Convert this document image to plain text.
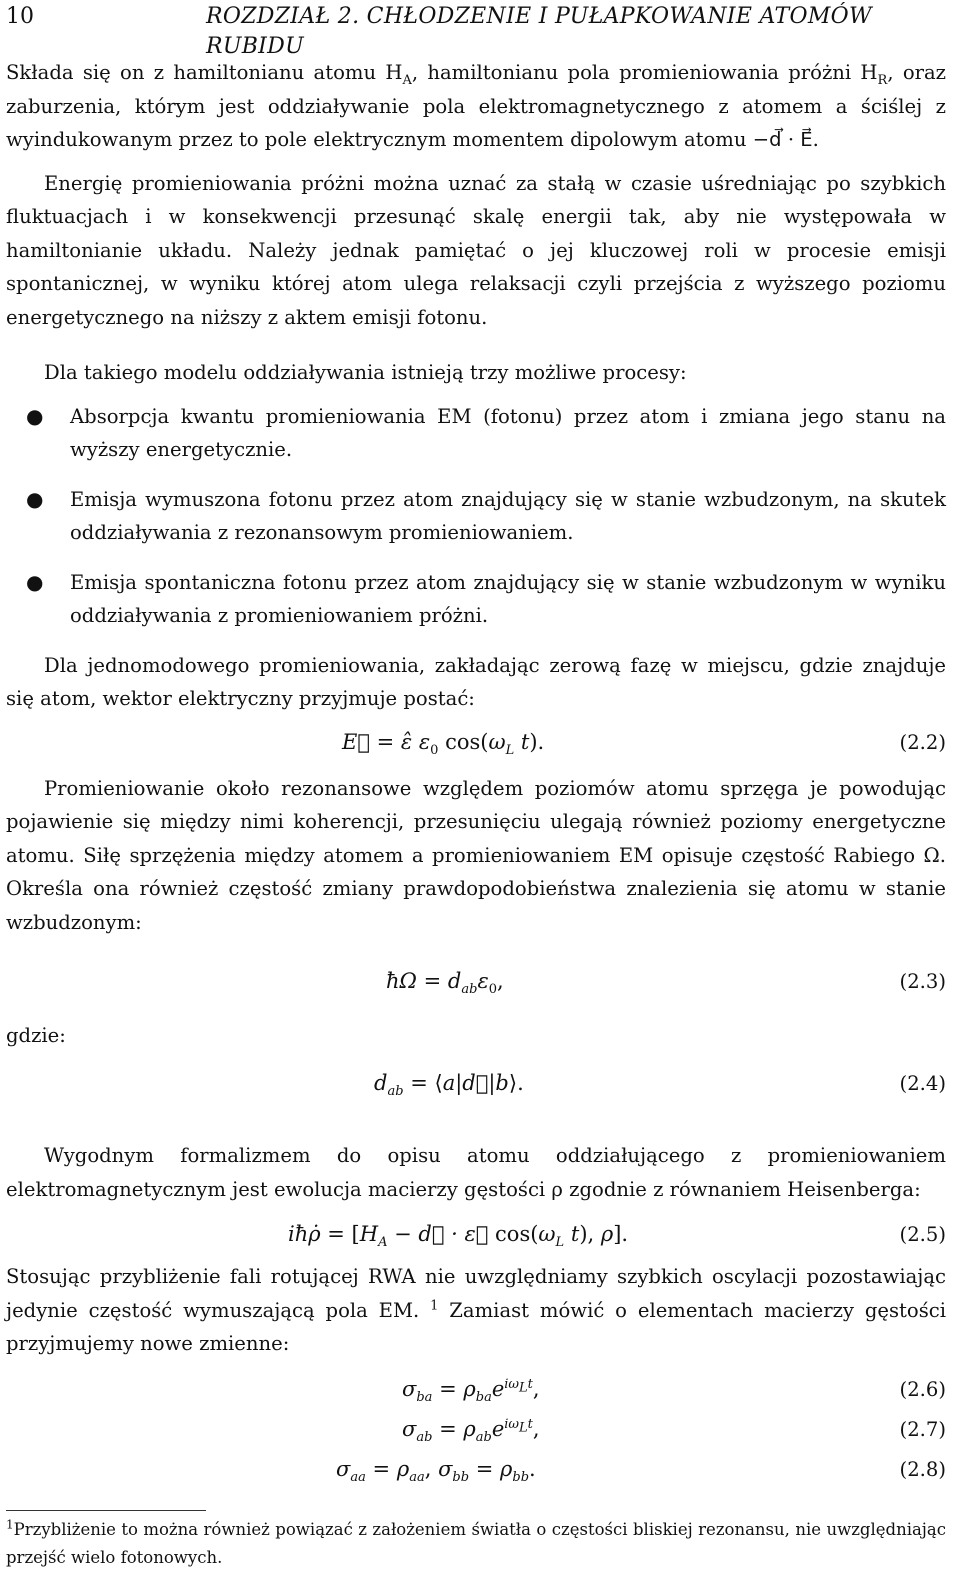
10	ROZDZIAŁ 2. CHŁODZENIE I PUŁAPKOWANIE ATOMÓW RUBIDU

Składa się on z hamiltonianu atomu $H_A$, hamiltonianu pola promieniowania próżni $H_R$, oraz zaburzenia, którym jest oddziaływanie pola elektromagnetycznego z atomem a ściślej z wyindukowanym przez to pole elektrycznym momentem dipolowym atomu −d⃗ · E⃗.

Energię promieniowania próżni można uznać za stałą w czasie uśredniając po szybkich fluktuacjach i w konsekwencji przesunąć skalę energii tak, aby nie występowała w hamiltonianie układu. Należy jednak pamiętać o jej kluczowej roli w procesie emisji spontanicznej, w wyniku której atom ulega relaksacji czyli przejścia z wyższego poziomu energetycznego na niższy z aktem emisji fotonu.

Dla takiego modelu oddziaływania istnieją trzy możliwe procesy:

● Absorpcja kwantu promieniowania EM (fotonu) przez atom i zmiana jego stanu na wyższy energetycznie.
● Emisja wymuszona fotonu przez atom znajdujący się w stanie wzbudzonym, na skutek oddziaływania z rezonansowym promieniowaniem.
● Emisja spontaniczna fotonu przez atom znajdujący się w stanie wzbudzonym w wyniku oddziaływania z promieniowaniem próżni.

Dla jednomodowego promieniowania, zakładając zerową fazę w miejscu, gdzie znajduje się atom, wektor elektryczny przyjmuje postać:

E⃗ = ε̂ $\varepsilon_0$ $\cos(\omega_L$ t).	(2.2)

Promieniowanie około rezonansowe względem poziomów atomu sprzęga je powodując pojawienie się między nimi koherencji, przesunięciu ulegają również poziomy energetyczne atomu. Siłę sprzężenia między atomem a promieniowaniem EM opisuje częstość Rabiego Ω. Określa ona również częstość zmiany prawdopodobieństwa znalezienia się atomu w stanie wzbudzonym:

gdzie:
ħΩ = $d_{ab}\varepsilon_0$,	(2.3)
$d_{ab}$ = ⟨a|d⃗|b⟩.	(2.4)

Wygodnym formalizmem do opisu atomu oddziałującego z promieniowaniem elektromagnetycznym jest ewolucja macierzy gęstości ρ zgodnie z równaniem Heisenberga:

iħρ̇ = [$H_A$ − d⃗ · ε⃗ $\cos(\omega_L$ t), ρ].	(2.5)

Stosując przybliżenie fali rotującej RWA nie uwzględniamy szybkich oscylacji pozostawiając jedynie częstość wymuszającą pola EM. $^1$ Zamiast mówić o elementach macierzy gęstości przyjmujemy nowe zmienne:

$\sigma_{ba} = \rho_{ba}e^{i\omega_Lt}$,	(2.6)
$\sigma_{ab} = \rho_{ab}e^{i\omega_Lt}$,	(2.7)
$\sigma_{aa} = \rho_{aa}$, $\sigma_{bb} = \rho_{bb}$.	(2.8)

$^1$Przybliżenie to można również powiązać z założeniem światła o częstości bliskiej rezonansu, nie uwzględniając przejść wielo fotonowych.
